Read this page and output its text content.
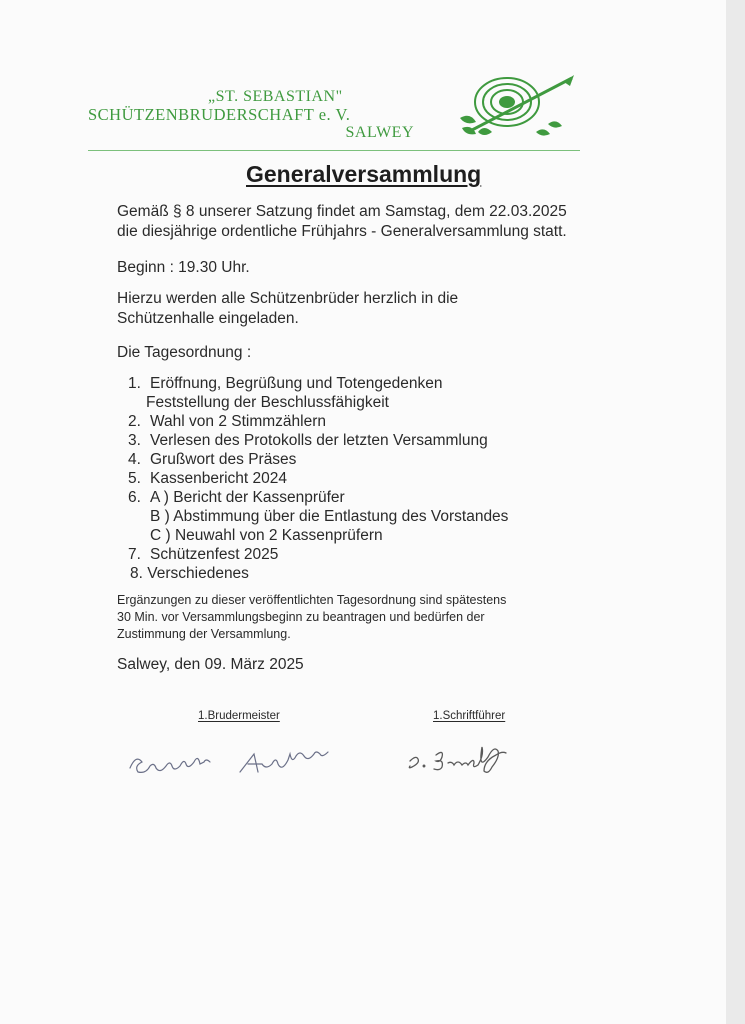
„ST. SEBASTIAN"
SCHÜTZENBRUDERSCHAFT e. V.
SALWEY
Generalversammlung
Gemäß § 8 unserer Satzung findet am Samstag, dem 22.03.2025
die diesjährige ordentliche Frühjahrs - Generalversammlung statt.
Beginn : 19.30 Uhr.
Hierzu werden alle Schützenbrüder herzlich in die
Schützenhalle eingeladen.
Die Tagesordnung :
1. Eröffnung, Begrüßung und Totengedenken
Feststellung der Beschlussfähigkeit
2. Wahl von 2 Stimmzählern
3. Verlesen des Protokolls der letzten Versammlung
4. Grußwort des Präses
5. Kassenbericht 2024
6. A ) Bericht der Kassenprüfer
B ) Abstimmung über die Entlastung des Vorstandes
C ) Neuwahl von 2 Kassenprüfern
7. Schützenfest 2025
8. Verschiedenes
Ergänzungen zu dieser veröffentlichten Tagesordnung sind spätestens
30 Min. vor Versammlungsbeginn zu beantragen und bedürfen der
Zustimmung der Versammlung.
Salwey, den 09. März 2025
1.Brudermeister	1.Schriftführer
